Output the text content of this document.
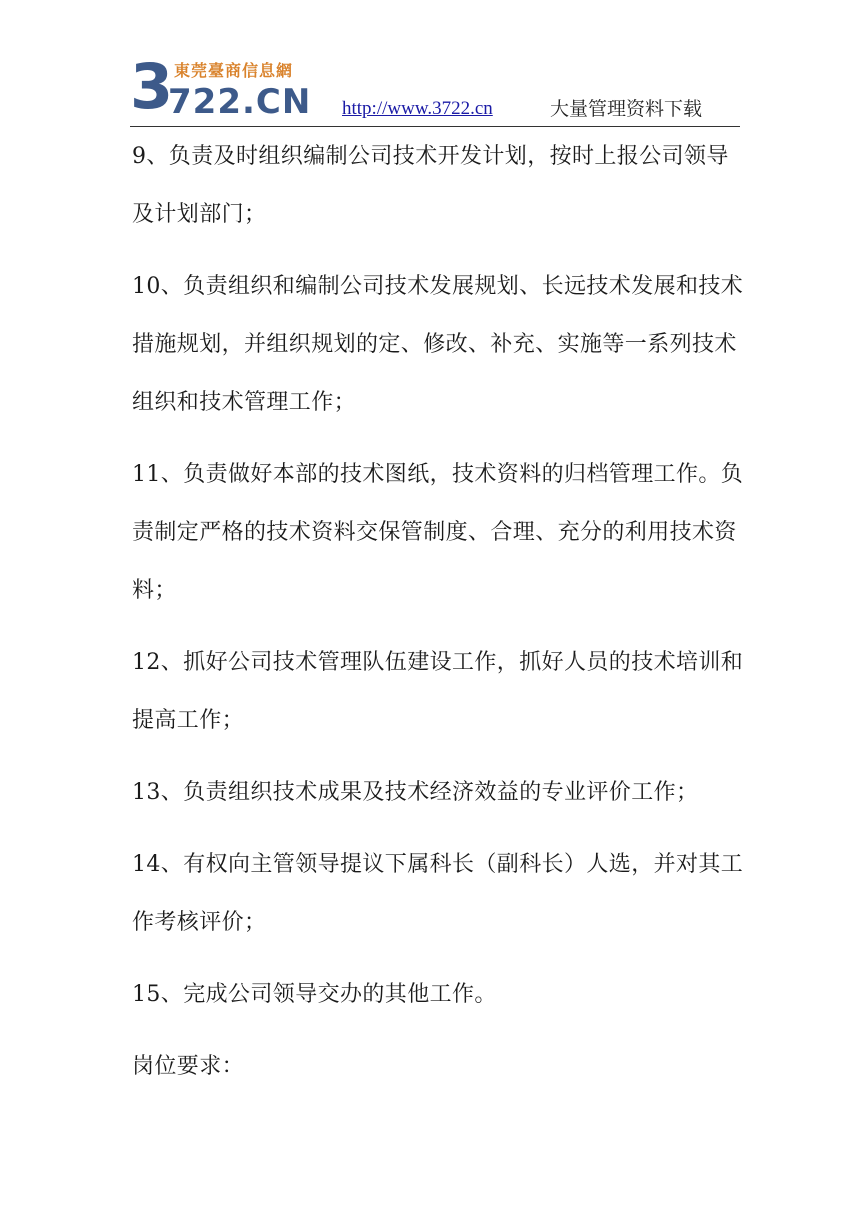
3 東莞臺商信息網
722.CN http://www.3722.cn	大量管理资料下载

9、负责及时组织编制公司技术开发计划，按时上报公司领导及计划部门；

10、负责组织和编制公司技术发展规划、长远技术发展和技术措施规划，并组织规划的定、修改、补充、实施等一系列技术组织和技术管理工作；

11、负责做好本部的技术图纸，技术资料的归档管理工作。负责制定严格的技术资料交保管制度、合理、充分的利用技术资料；

12、抓好公司技术管理队伍建设工作，抓好人员的技术培训和提高工作；

13、负责组织技术成果及技术经济效益的专业评价工作；

14、有权向主管领导提议下属科长（副科长）人选，并对其工作考核评价；

15、完成公司领导交办的其他工作。

岗位要求：
